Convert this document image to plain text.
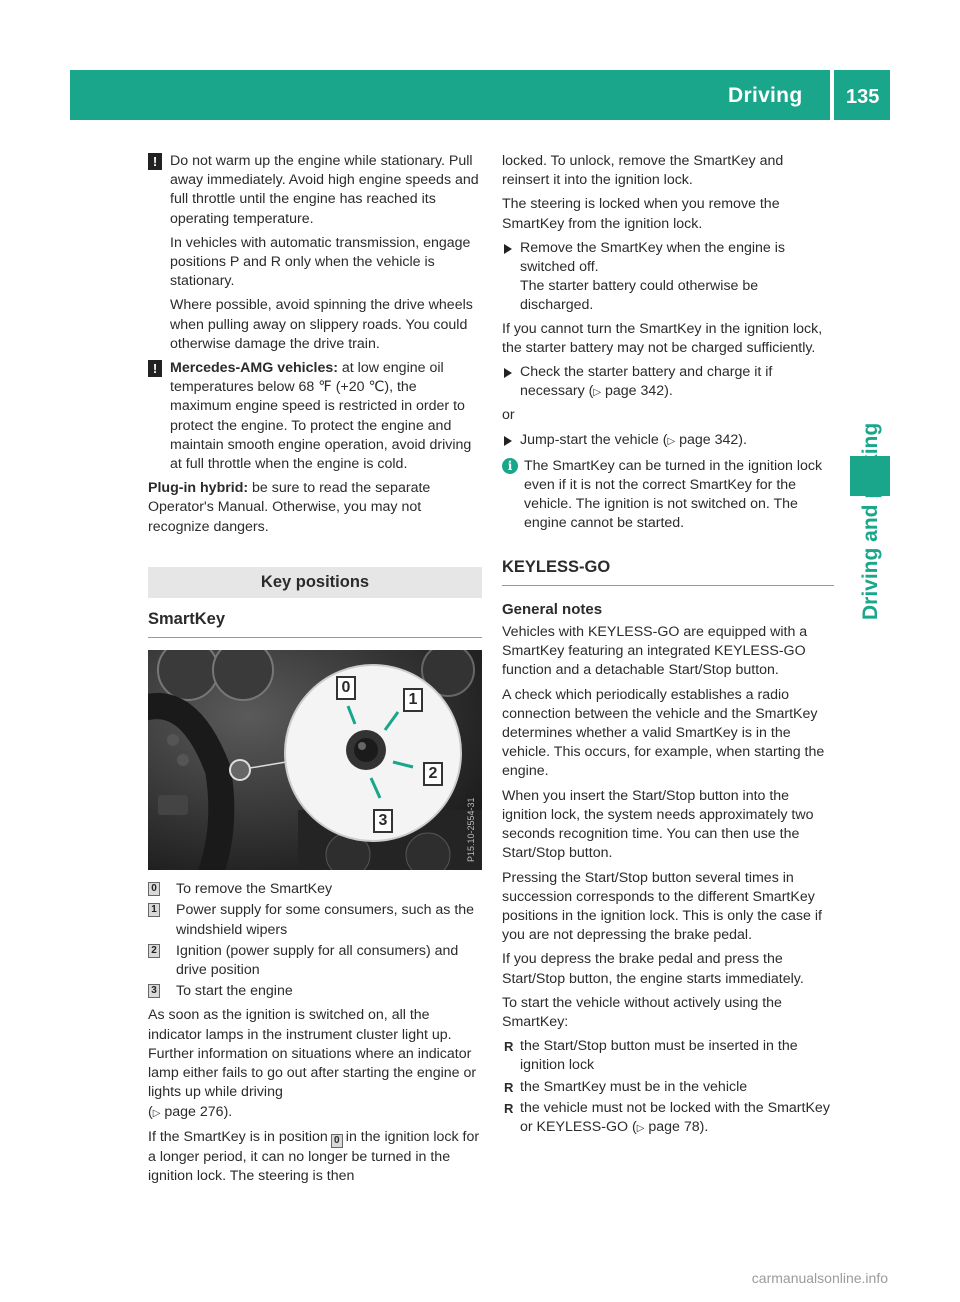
Driving 135
Driving and parking
! Do not warm up the engine while stationary. Pull away immediately. Avoid high engine speeds and full throttle until the engine has reached its operating temperature.

In vehicles with automatic transmission, engage positions P and R only when the vehicle is stationary.

Where possible, avoid spinning the drive wheels when pulling away on slippery roads. You could otherwise damage the drive train.

! Mercedes-AMG vehicles: at low engine oil temperatures below 68 ℉ (+20 ℃), the maximum engine speed is restricted in order to protect the engine. To protect the engine and maintain smooth engine operation, avoid driving at full throttle when the engine is cold.

Plug-in hybrid: be sure to read the separate Operator's Manual. Otherwise, you may not recognize dangers.

Key positions
SmartKey
0
1
2
3	P15.10-2554-31
0 To remove the SmartKey
1 Power supply for some consumers, such as the windshield wipers
2 Ignition (power supply for all consumers) and drive position
3 To start the engine

As soon as the ignition is switched on, all the indicator lamps in the instrument cluster light up. Further information on situations where an indicator lamp either fails to go out after starting the engine or lights up while driving
(▷ page 276).

If the SmartKey is in position 0 in the ignition lock for a longer period, it can no longer be turned in the ignition lock. The steering is then

locked. To unlock, remove the SmartKey and reinsert it into the ignition lock.

The steering is locked when you remove the SmartKey from the ignition lock.

Remove the SmartKey when the engine is switched off.
The starter battery could otherwise be discharged.

If you cannot turn the SmartKey in the ignition lock, the starter battery may not be charged sufficiently.

Check the starter battery and charge it if necessary (▷ page 342).

or

Jump-start the vehicle (▷ page 342).
i The SmartKey can be turned in the ignition lock even if it is not the correct SmartKey for the vehicle. The ignition is not switched on. The engine cannot be started.
KEYLESS-GO
General notes

Vehicles with KEYLESS-GO are equipped with a SmartKey featuring an integrated KEYLESS-GO function and a detachable Start/Stop button.

A check which periodically establishes a radio connection between the vehicle and the SmartKey determines whether a valid SmartKey is in the vehicle. This occurs, for example, when starting the engine.

When you insert the Start/Stop button into the ignition lock, the system needs approximately two seconds recognition time. You can then use the Start/Stop button.

Pressing the Start/Stop button several times in succession corresponds to the different SmartKey positions in the ignition lock. This is only the case if you are not depressing the brake pedal.

If you depress the brake pedal and press the Start/Stop button, the engine starts immediately.

To start the vehicle without actively using the SmartKey:

R the Start/Stop button must be inserted in the ignition lock
R the SmartKey must be in the vehicle
R the vehicle must not be locked with the SmartKey or KEYLESS-GO (▷ page 78).
carmanualsonline.info
